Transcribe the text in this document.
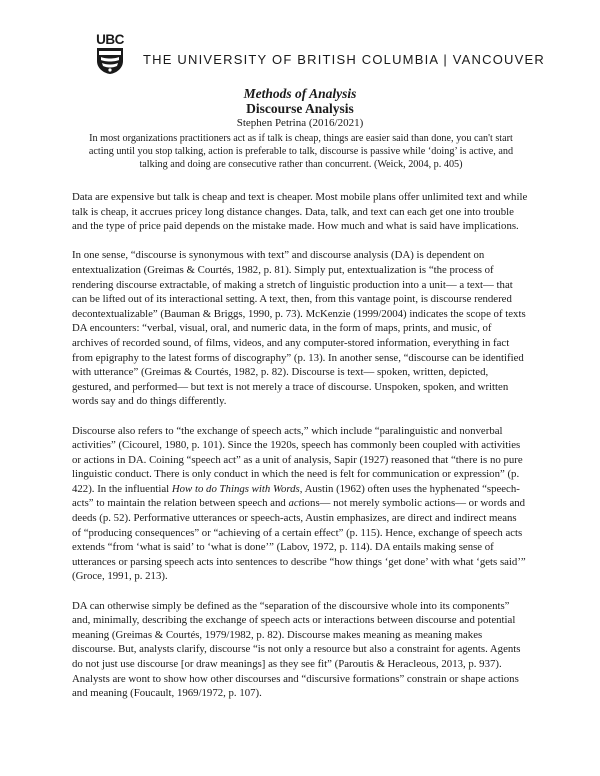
UBC
THE UNIVERSITY OF BRITISH COLUMBIA | VANCOUVER
Methods of Analysis
Discourse Analysis
Stephen Petrina (2016/2021)
In most organizations practitioners act as if talk is cheap, things are easier said than done, you can't start acting until you stop talking, action is preferable to talk, discourse is passive while ‘doing’ is active, and talking and doing are consecutive rather than concurrent. (Weick, 2004, p. 405)

Data are expensive but talk is cheap and text is cheaper. Most mobile plans offer unlimited text and while talk is cheap, it accrues pricey long distance changes. Data, talk, and text can each get one into trouble and the type of price paid depends on the mistake made. How much and what is said have implications.

In one sense, “discourse is synonymous with text” and discourse analysis (DA) is dependent on entextualization (Greimas & Courtés, 1982, p. 81). Simply put, entextualization is “the process of rendering discourse extractable, of making a stretch of linguistic production into a unit— a text— that can be lifted out of its interactional setting. A text, then, from this vantage point, is discourse rendered decontextualizable” (Bauman & Briggs, 1990, p. 73). McKenzie (1999/2004) indicates the scope of texts DA encounters: “verbal, visual, oral, and numeric data, in the form of maps, prints, and music, of archives of recorded sound, of films, videos, and any computer-stored information, everything in fact from epigraphy to the latest forms of discography” (p. 13). In another sense, “discourse can be identified with utterance” (Greimas & Courtés, 1982, p. 82). Discourse is text— spoken, written, depicted, gestured, and performed— but text is not merely a trace of discourse. Unspoken, spoken, and written words say and do things differently.

Discourse also refers to “the exchange of speech acts,” which include “paralinguistic and nonverbal activities” (Cicourel, 1980, p. 101). Since the 1920s, speech has commonly been coupled with activities or actions in DA. Coining “speech act” as a unit of analysis, Sapir (1927) reasoned that “there is no pure linguistic conduct. There is only conduct in which the need is felt for communication or expression” (p. 422). In the influential How to do Things with Words, Austin (1962) often uses the hyphenated “speech-acts” to maintain the relation between speech and actions— not merely symbolic actions— or words and deeds (p. 52). Performative utterances or speech-acts, Austin emphasizes, are direct and indirect means of “producing consequences” or “achieving of a certain effect” (p. 115). Hence, exchange of speech acts extends “from ‘what is said’ to ‘what is done’” (Labov, 1972, p. 114). DA entails making sense of utterances or parsing speech acts into sentences to describe “how things ‘get done’ with what ‘gets said’” (Groce, 1991, p. 213).

DA can otherwise simply be defined as the “separation of the discoursive whole into its components” and, minimally, describing the exchange of speech acts or interactions between discourse and potential meaning (Greimas & Courtés, 1979/1982, p. 82). Discourse makes meaning as meaning makes discourse. But, analysts clarify, discourse “is not only a resource but also a constraint for agents. Agents do not just use discourse [or draw meanings] as they see fit” (Paroutis & Heracleous, 2013, p. 937). Analysts are wont to show how other discourses and “discursive formations” constrain or shape actions and meaning (Foucault, 1969/1972, p. 107).
